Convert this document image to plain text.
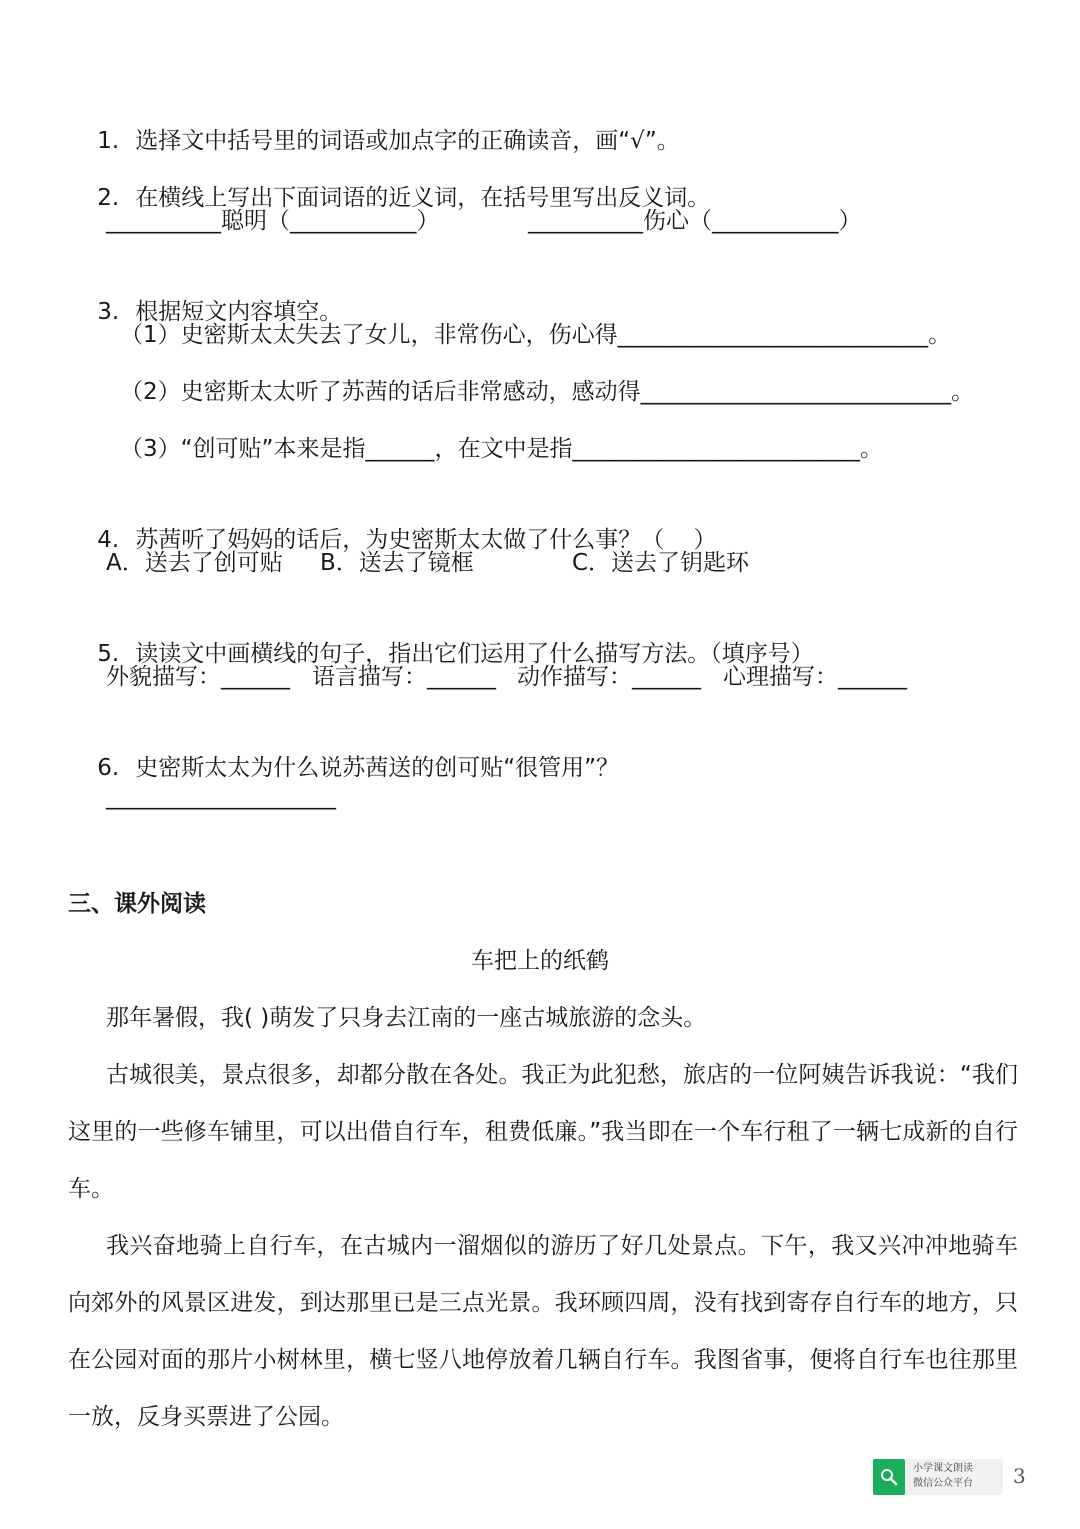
1. 选择文中括号里的词语或加点字的正确读音，画“√”。

2. 在横线上写出下面词语的近义词，在括号里写出反义词。

__________聪明（___________）	__________伤心（___________）

3. 根据短文内容填空。

（1）史密斯太太失去了女儿，非常伤心，伤心得___________________________。
（2）史密斯太太听了苏茜的话后非常感动，感动得___________________________。
（3）“创可贴”本来是指______，在文中是指_________________________。

4. 苏茜听了妈妈的话后，为史密斯太太做了什么事？（    ）

A．送去了创可贴 B．送去了镜框	C．送去了钥匙环

5. 读读文中画横线的句子，指出它们运用了什么描写方法。（填序号）

外貌描写：______ 语言描写：______ 动作描写：______ 心理描写：______

6. 史密斯太太为什么说苏茜送的创可贴“很管用”？

____________________
三、课外阅读
车把上的纸鹤
那年暑假，我( )萌发了只身去江南的一座古城旅游的念头。
古城很美，景点很多，却都分散在各处。我正为此犯愁，旅店的一位阿姨告诉我说：“我们这里的一些修车铺里，可以出借自行车，租费低廉。”我当即在一个车行租了一辆七成新的自行车。
我兴奋地骑上自行车，在古城内一溜烟似的游历了好几处景点。下午，我又兴冲冲地骑车向郊外的风景区进发，到达那里已是三点光景。我环顾四周，没有找到寄存自行车的地方，只在公园对面的那片小树林里，横七竖八地停放着几辆自行车。我图省事，便将自行车也往那里一放，反身买票进了公园。
小学课文朗读
微信公众平台 3
